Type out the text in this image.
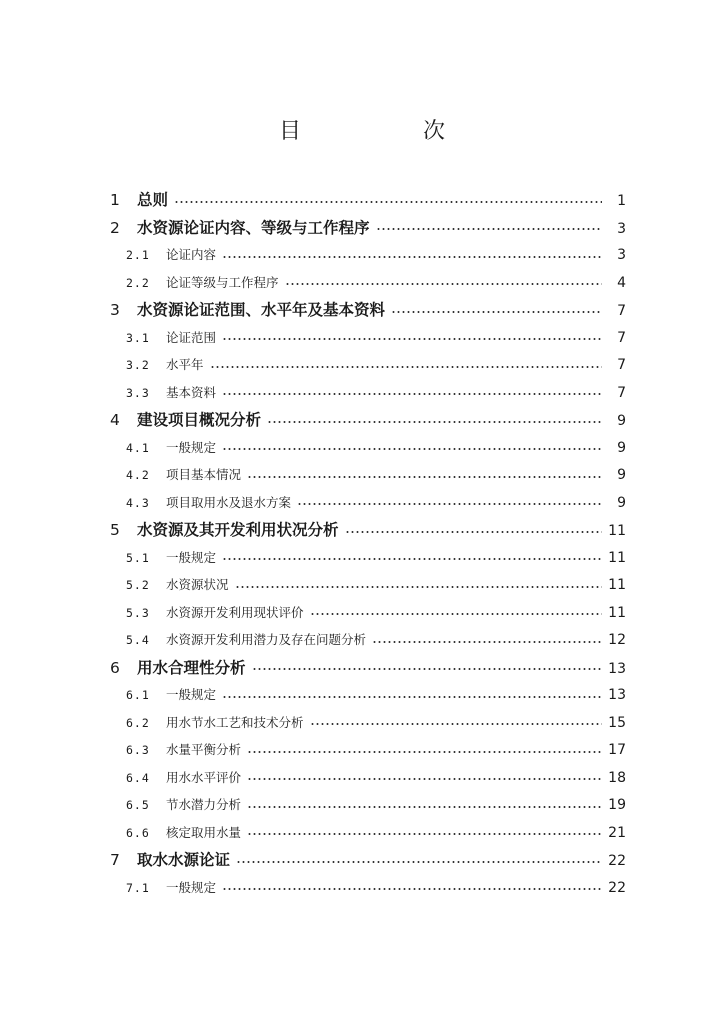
目　次
1	总则	1
2	水资源论证内容、等级与工作程序	3
2.1	论证内容	3
2.2	论证等级与工作程序	4
3	水资源论证范围、水平年及基本资料	7
3.1	论证范围	7
3.2	水平年	7
3.3	基本资料	7
4	建设项目概况分析	9
4.1	一般规定	9
4.2	项目基本情况	9
4.3	项目取用水及退水方案	9
5	水资源及其开发利用状况分析	11
5.1	一般规定	11
5.2	水资源状况	11
5.3	水资源开发利用现状评价	11
5.4	水资源开发利用潜力及存在问题分析	12
6	用水合理性分析	13
6.1	一般规定	13
6.2	用水节水工艺和技术分析	15
6.3	水量平衡分析	17
6.4	用水水平评价	18
6.5	节水潜力分析	19
6.6	核定取用水量	21
7	取水水源论证	22
7.1	一般规定	22
